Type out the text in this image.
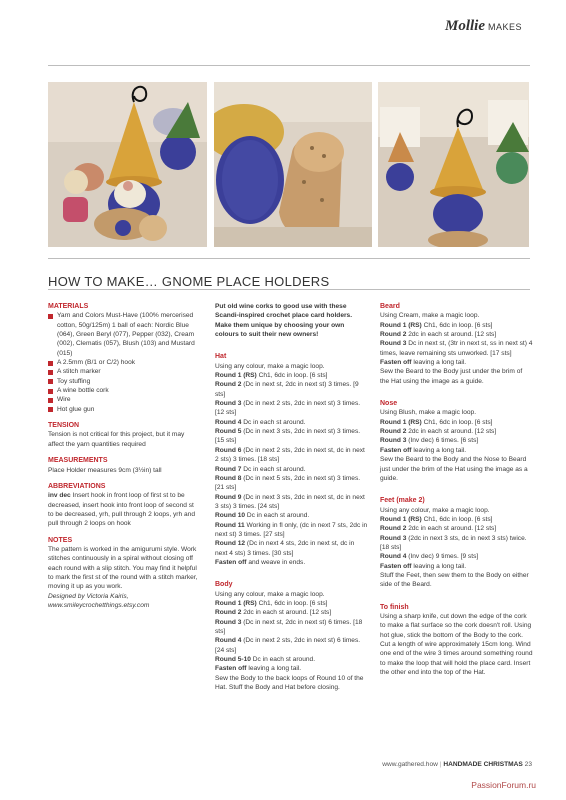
Mollie MAKES
HOW TO MAKE… GNOME PLACE HOLDERS
MATERIALS

Yarn and Colors Must-Have (100% mercerised cotton, 50g/125m) 1 ball of each: Nordic Blue (064), Green Beryl (077), Pepper (032), Cream (002), Clematis (057), Blush (103) and Mustard (015)

A 2.5mm (B/1 or C/2) hook

A stitch marker

Toy stuffing

A wine bottle cork

Wire

Hot glue gun

TENSION

Tension is not critical for this project, but it may affect the yarn quantities required

MEASUREMENTS

Place Holder measures 9cm (3½in) tall

ABBREVIATIONS

inv dec Insert hook in front loop of first st to be decreased, insert hook into front loop of second st to be decreased, yrh, pull through 2 loops, yrh and pull through 2 loops on hook

NOTES

The pattern is worked in the amigurumi style. Work stitches continuously in a spiral without closing off each round with a slip stitch. You may find it helpful to mark the first st of the round with a stitch marker, moving it up as you work.

Designed by Victoria Kairis, www.smileycrochetthings.etsy.com

Put old wine corks to good use with these Scandi-inspired crochet place card holders. Make them unique by choosing your own colours to suit their new owners!

Hat

Using any colour, make a magic loop.

Round 1 (RS) Ch1, 6dc in loop. [6 sts]

Round 2 (Dc in next st, 2dc in next st) 3 times. [9 sts]

Round 3 (Dc in next 2 sts, 2dc in next st) 3 times. [12 sts]

Round 4 Dc in each st around.

Round 5 (Dc in next 3 sts, 2dc in next st) 3 times. [15 sts]

Round 6 (Dc in next 2 sts, 2dc in next st, dc in next 2 sts) 3 times. [18 sts]

Round 7 Dc in each st around.

Round 8 (Dc in next 5 sts, 2dc in next st) 3 times. [21 sts]

Round 9 (Dc in next 3 sts, 2dc in next st, dc in next 3 sts) 3 times. [24 sts]

Round 10 Dc in each st around.

Round 11 Working in fl only, (dc in next 7 sts, 2dc in next st) 3 times. [27 sts]

Round 12 (Dc in next 4 sts, 2dc in next st, dc in next 4 sts) 3 times. [30 sts]

Fasten off and weave in ends.

Body

Using any colour, make a magic loop.

Round 1 (RS) Ch1, 6dc in loop. [6 sts]

Round 2 2dc in each st around. [12 sts]

Round 3 (Dc in next st, 2dc in next st) 6 times. [18 sts]

Round 4 (Dc in next 2 sts, 2dc in next st) 6 times. [24 sts]

Round 5-10 Dc in each st around.

Fasten off leaving a long tail.

Sew the Body to the back loops of Round 10 of the Hat. Stuff the Body and Hat before closing.

Beard

Using Cream, make a magic loop.

Round 1 (RS) Ch1, 6dc in loop. [6 sts]

Round 2 2dc in each st around. [12 sts]

Round 3 Dc in next st, (3tr in next st, ss in next st) 4 times, leave remaining sts unworked. [17 sts]

Fasten off leaving a long tail.

Sew the Beard to the Body just under the brim of the Hat using the image as a guide.

Nose

Using Blush, make a magic loop.

Round 1 (RS) Ch1, 6dc in loop. [6 sts]

Round 2 2dc in each st around. [12 sts]

Round 3 (Inv dec) 6 times. [6 sts]

Fasten off leaving a long tail.

Sew the Beard to the Body and the Nose to Beard just under the brim of the Hat using the image as a guide.

Feet (make 2)

Using any colour, make a magic loop.

Round 1 (RS) Ch1, 6dc in loop. [6 sts]

Round 2 2dc in each st around. [12 sts]

Round 3 (2dc in next 3 sts, dc in next 3 sts) twice. [18 sts]

Round 4 (Inv dec) 9 times. [9 sts]

Fasten off leaving a long tail.

Stuff the Feet, then sew them to the Body on either side of the Beard.

To finish

Using a sharp knife, cut down the edge of the cork to make a flat surface so the cork doesn't roll. Using hot glue, stick the bottom of the Body to the cork.

Cut a length of wire approximately 15cm long. Wind one end of the wire 3 times around something round to make the loop that will hold the place card. Insert the other end into the top of the Hat.

www.gathered.how | HANDMADE CHRISTMAS 23
PassionForum.ru
